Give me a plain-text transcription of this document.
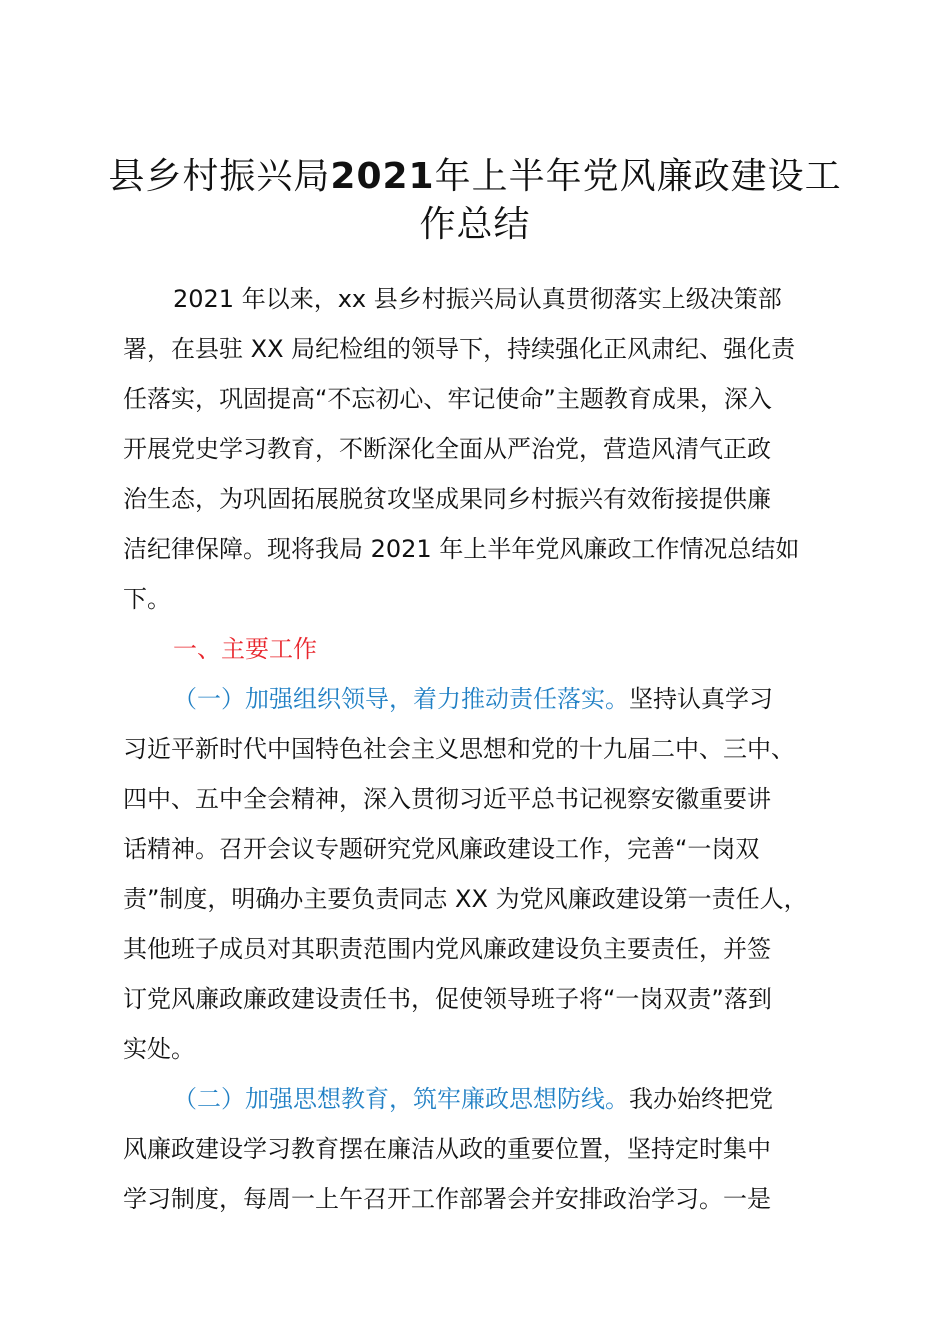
县乡村振兴局2021年上半年党风廉政建设工
作总结
2021 年以来，xx 县乡村振兴局认真贯彻落实上级决策部
署，在县驻 XX 局纪检组的领导下，持续强化正风肃纪、强化责
任落实，巩固提高“不忘初心、牢记使命”主题教育成果，深入
开展党史学习教育，不断深化全面从严治党，营造风清气正政
治生态，为巩固拓展脱贫攻坚成果同乡村振兴有效衔接提供廉
洁纪律保障。现将我局 2021 年上半年党风廉政工作情况总结如
下。
一、主要工作
（一）加强组织领导，着力推动责任落实。坚持认真学习
习近平新时代中国特色社会主义思想和党的十九届二中、三中、
四中、五中全会精神，深入贯彻习近平总书记视察安徽重要讲
话精神。召开会议专题研究党风廉政建设工作，完善“一岗双
责”制度，明确办主要负责同志 XX 为党风廉政建设第一责任人，
其他班子成员对其职责范围内党风廉政建设负主要责任，并签
订党风廉政廉政建设责任书，促使领导班子将“一岗双责”落到
实处。
（二）加强思想教育，筑牢廉政思想防线。我办始终把党
风廉政建设学习教育摆在廉洁从政的重要位置，坚持定时集中
学习制度，每周一上午召开工作部署会并安排政治学习。一是
